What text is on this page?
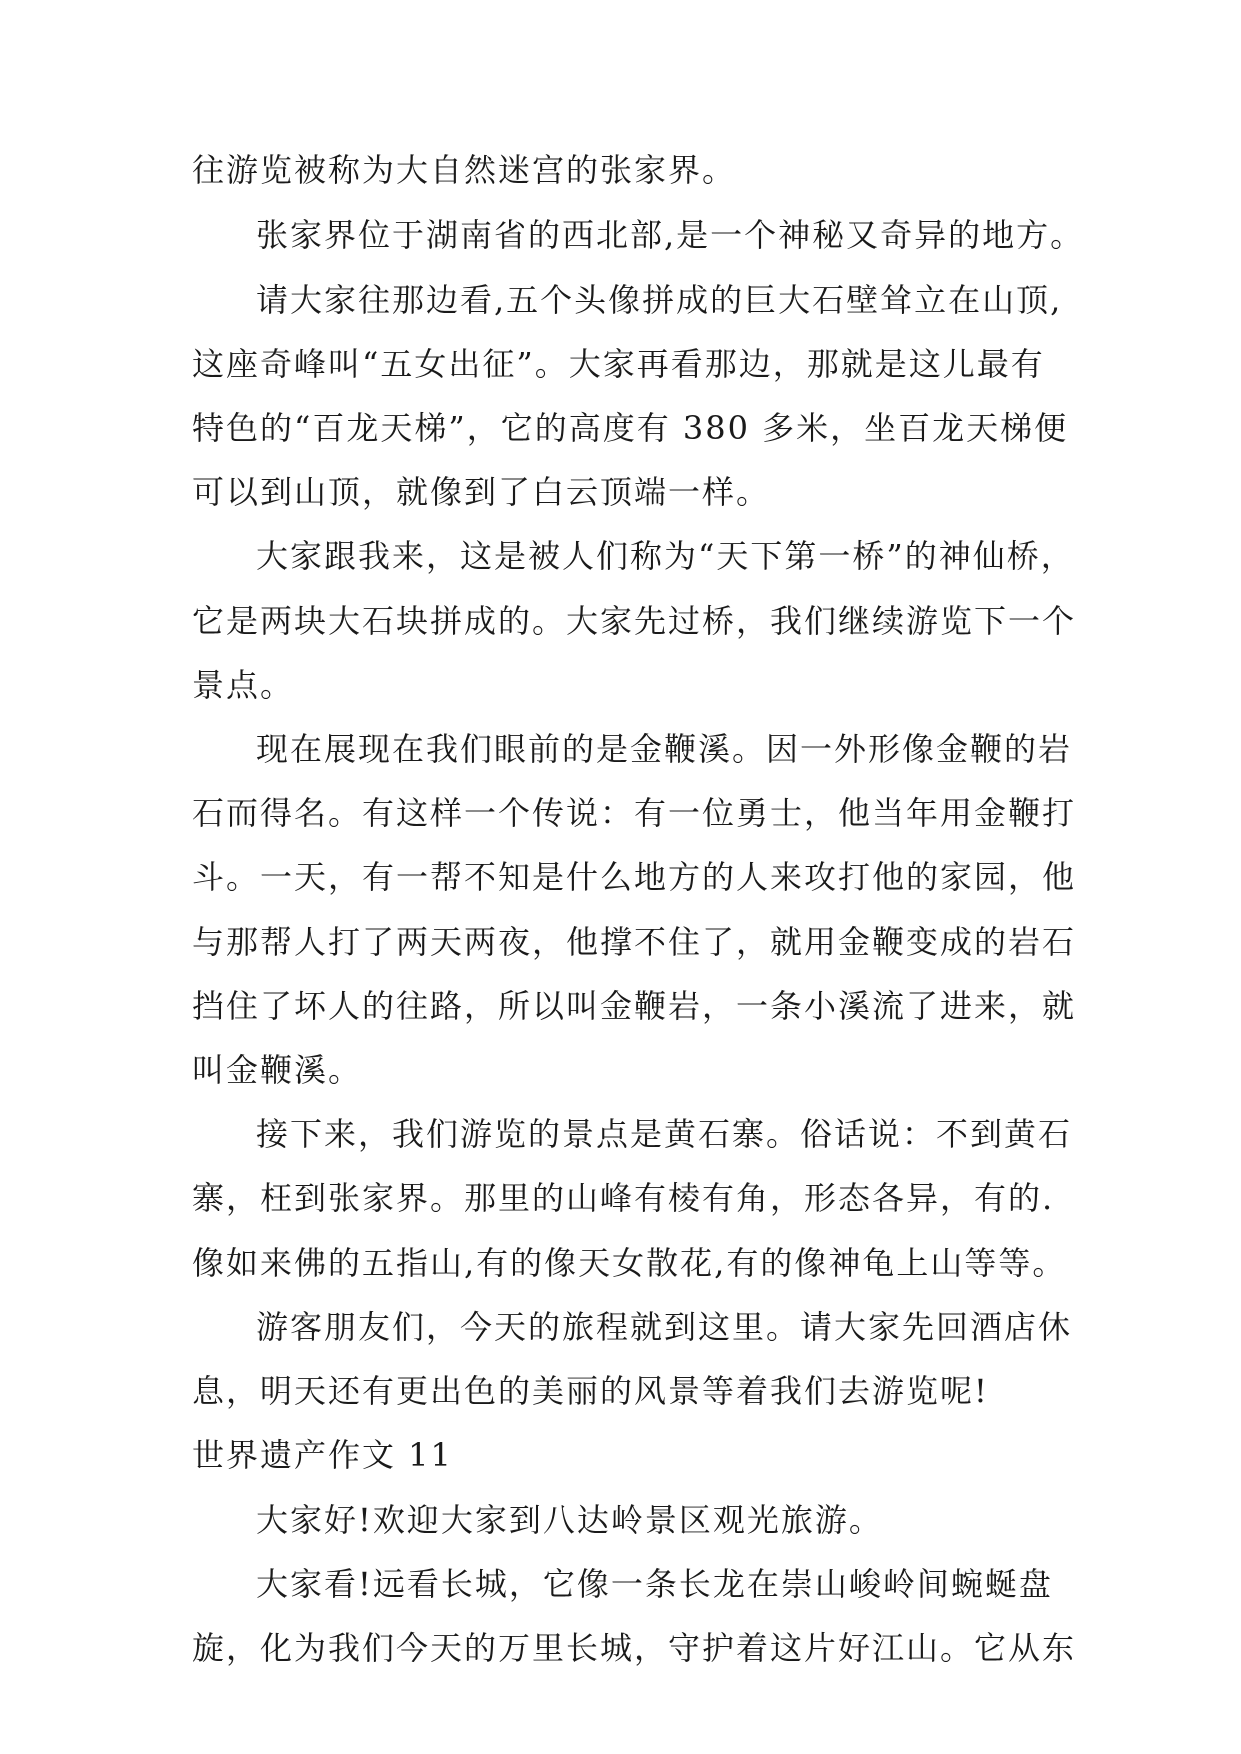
往游览被称为大自然迷宫的张家界。
张家界位于湖南省的西北部,是一个神秘又奇异的地方。
请大家往那边看,五个头像拼成的巨大石壁耸立在山顶,
这座奇峰叫“五女出征”。大家再看那边，那就是这儿最有
特色的“百龙天梯”，它的高度有 380 多米，坐百龙天梯便
可以到山顶，就像到了白云顶端一样。
大家跟我来，这是被人们称为“天下第一桥”的神仙桥，
它是两块大石块拼成的。大家先过桥，我们继续游览下一个
景点。
现在展现在我们眼前的是金鞭溪。因一外形像金鞭的岩
石而得名。有这样一个传说：有一位勇士，他当年用金鞭打
斗。一天，有一帮不知是什么地方的人来攻打他的家园，他
与那帮人打了两天两夜，他撑不住了，就用金鞭变成的岩石
挡住了坏人的往路，所以叫金鞭岩，一条小溪流了进来，就
叫金鞭溪。
接下来，我们游览的景点是黄石寨。俗话说：不到黄石
寨，枉到张家界。那里的山峰有棱有角，形态各异，有的.
像如来佛的五指山,有的像天女散花,有的像神龟上山等等。
游客朋友们，今天的旅程就到这里。请大家先回酒店休
息，明天还有更出色的美丽的风景等着我们去游览呢!
世界遗产作文 11
大家好!欢迎大家到八达岭景区观光旅游。
大家看!远看长城，它像一条长龙在崇山峻岭间蜿蜒盘
旋，化为我们今天的万里长城，守护着这片好江山。它从东
